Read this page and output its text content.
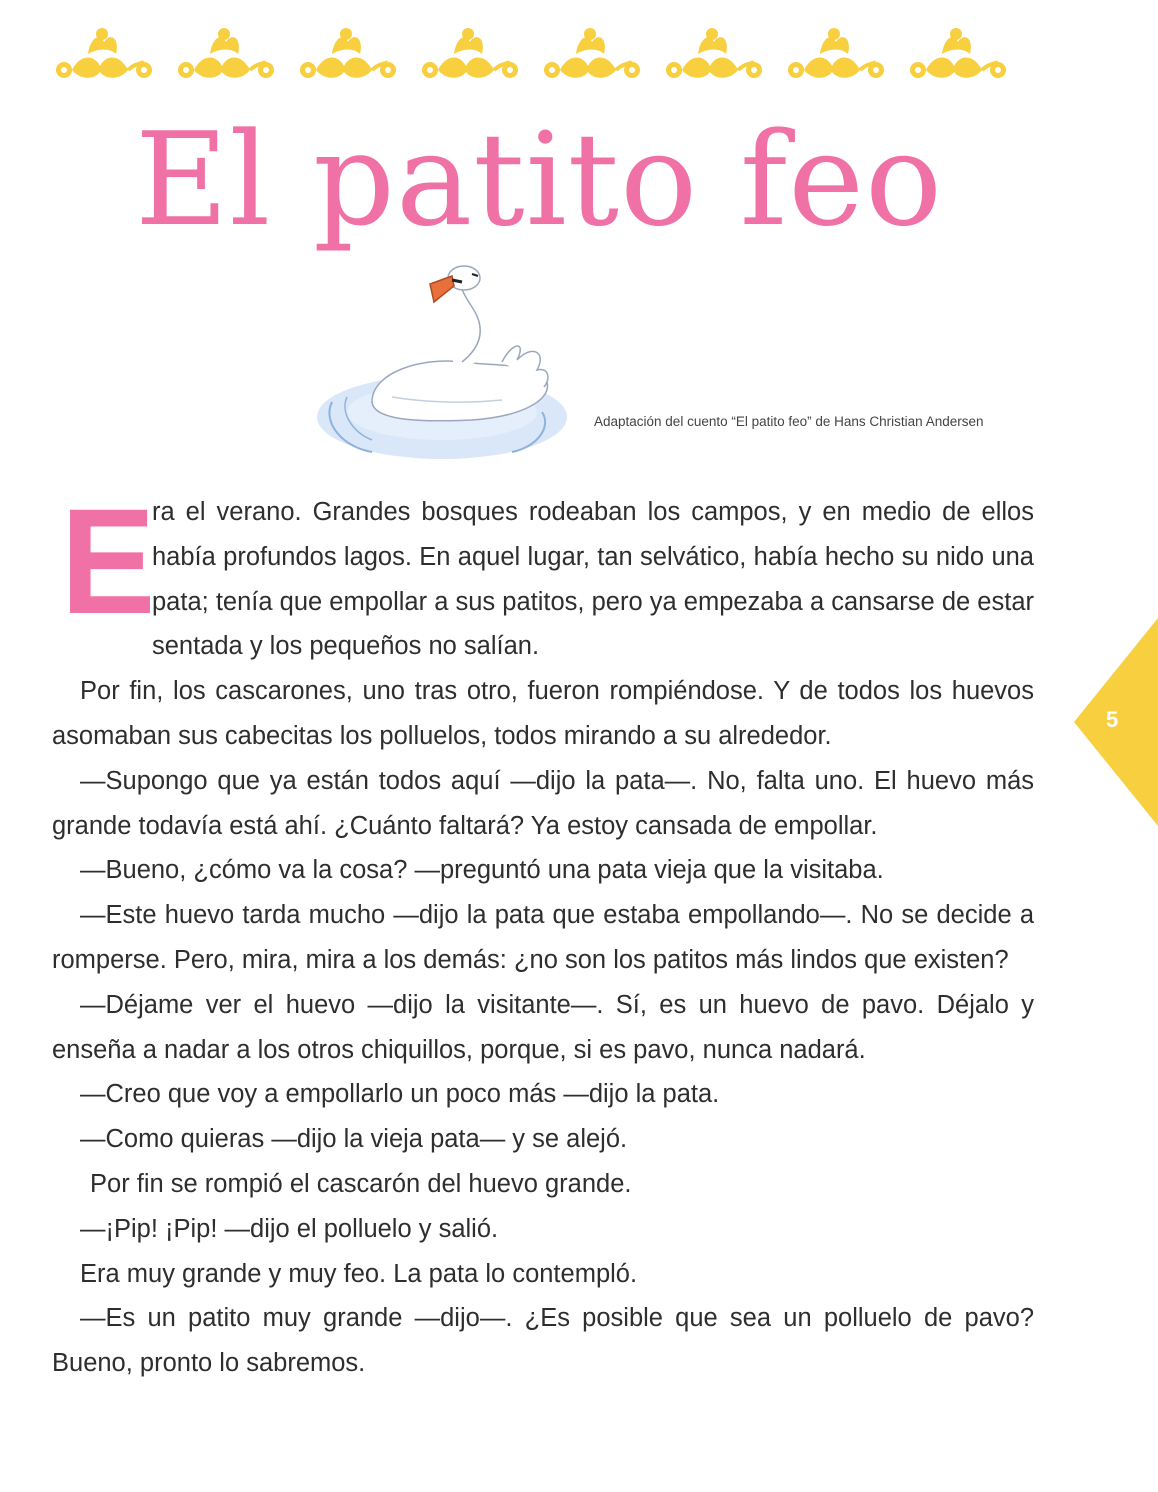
El patito feo
Adaptación del cuento “El patito feo” de Hans Christian Andersen
5

E
ra el verano. Grandes bosques rodeaban los campos, y en medio de ellos había profundos lagos. En aquel lugar, tan selvático, había hecho su nido una pata; tenía que empollar a sus patitos, pero ya empezaba a cansarse de estar sentada y los pequeños no salían.

Por fin, los cascarones, uno tras otro, fueron rompiéndose. Y de todos los huevos asomaban sus cabecitas los polluelos, todos mirando a su alrededor.

—Supongo que ya están todos aquí —dijo la pata—. No, falta uno. El huevo más grande todavía está ahí. ¿Cuánto faltará? Ya estoy cansada de empollar.

—Bueno, ¿cómo va la cosa? —preguntó una pata vieja que la visitaba.

—Este huevo tarda mucho —dijo la pata que estaba empollando—. No se decide a romperse. Pero, mira, mira a los demás: ¿no son los patitos más lindos que existen?

—Déjame ver el huevo —dijo la visitante—. Sí, es un huevo de pavo. Déjalo y enseña a nadar a los otros chiquillos, porque, si es pavo, nunca nadará.

—Creo que voy a empollarlo un poco más —dijo la pata.

—Como quieras —dijo la vieja pata— y se alejó.

Por fin se rompió el cascarón del huevo grande.

—¡Pip! ¡Pip! —dijo el polluelo y salió.

Era muy grande y muy feo. La pata lo contempló.

—Es un patito muy grande —dijo—. ¿Es posible que sea un polluelo de pavo? Bueno, pronto lo sabremos.
